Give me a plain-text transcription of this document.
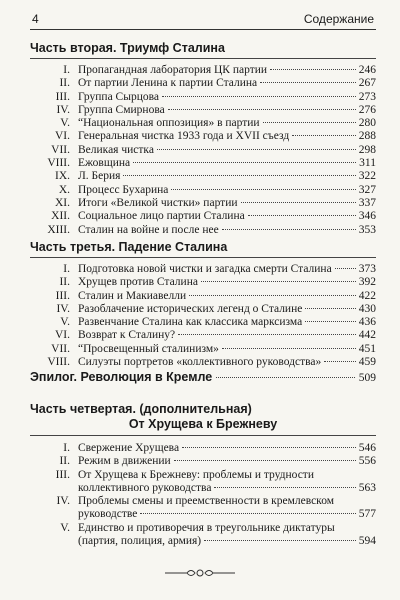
4	Содержание
Часть вторая. Триумф Сталина
I. Пропагандная лаборатория ЦК партии	246
II. От партии Ленина к партии Сталина	267
III. Группа Сырцова	273
IV. Группа Смирнова	276
V. “Национальная оппозиция» в партии	280
VI. Генеральная чистка 1933 года и XVII съезд	288
VII. Великая чистка	298
VIII. Ежовщина	311
IX. Л. Берия	322
X. Процесс Бухарина	327
XI. Итоги «Великой чистки» партии	337
XII. Социальное лицо партии Сталина	346
XIII. Сталин на войне и после нее	353
Часть третья. Падение Сталина
I. Подготовка новой чистки и загадка смерти Сталина 373
II. Хрущев против Сталина	392
III. Сталин и Макиавелли	422
IV. Разоблачение исторических легенд о Сталине	430
V. Развенчание Сталина как классика марксизма	436
VI. Возврат к Сталину?	442
VII. “Просвещенный сталинизм»	451
VIII. Силуэты портретов «коллективного руководства»	459
Эпилог. Революция в Кремле	509
Часть четвертая. (дополнительная)
От Хрущева к Брежневу
I. Свержение Хрущева	546
II. Режим в движении	556
III. От Хрущева к Брежневу: проблемы и трудности
коллективного руководства	563
IV. Проблемы смены и преемственности в кремлевском
руководстве	577
V. Единство и противоречия в треугольнике диктатуры
(партия, полиция, армия)	594
